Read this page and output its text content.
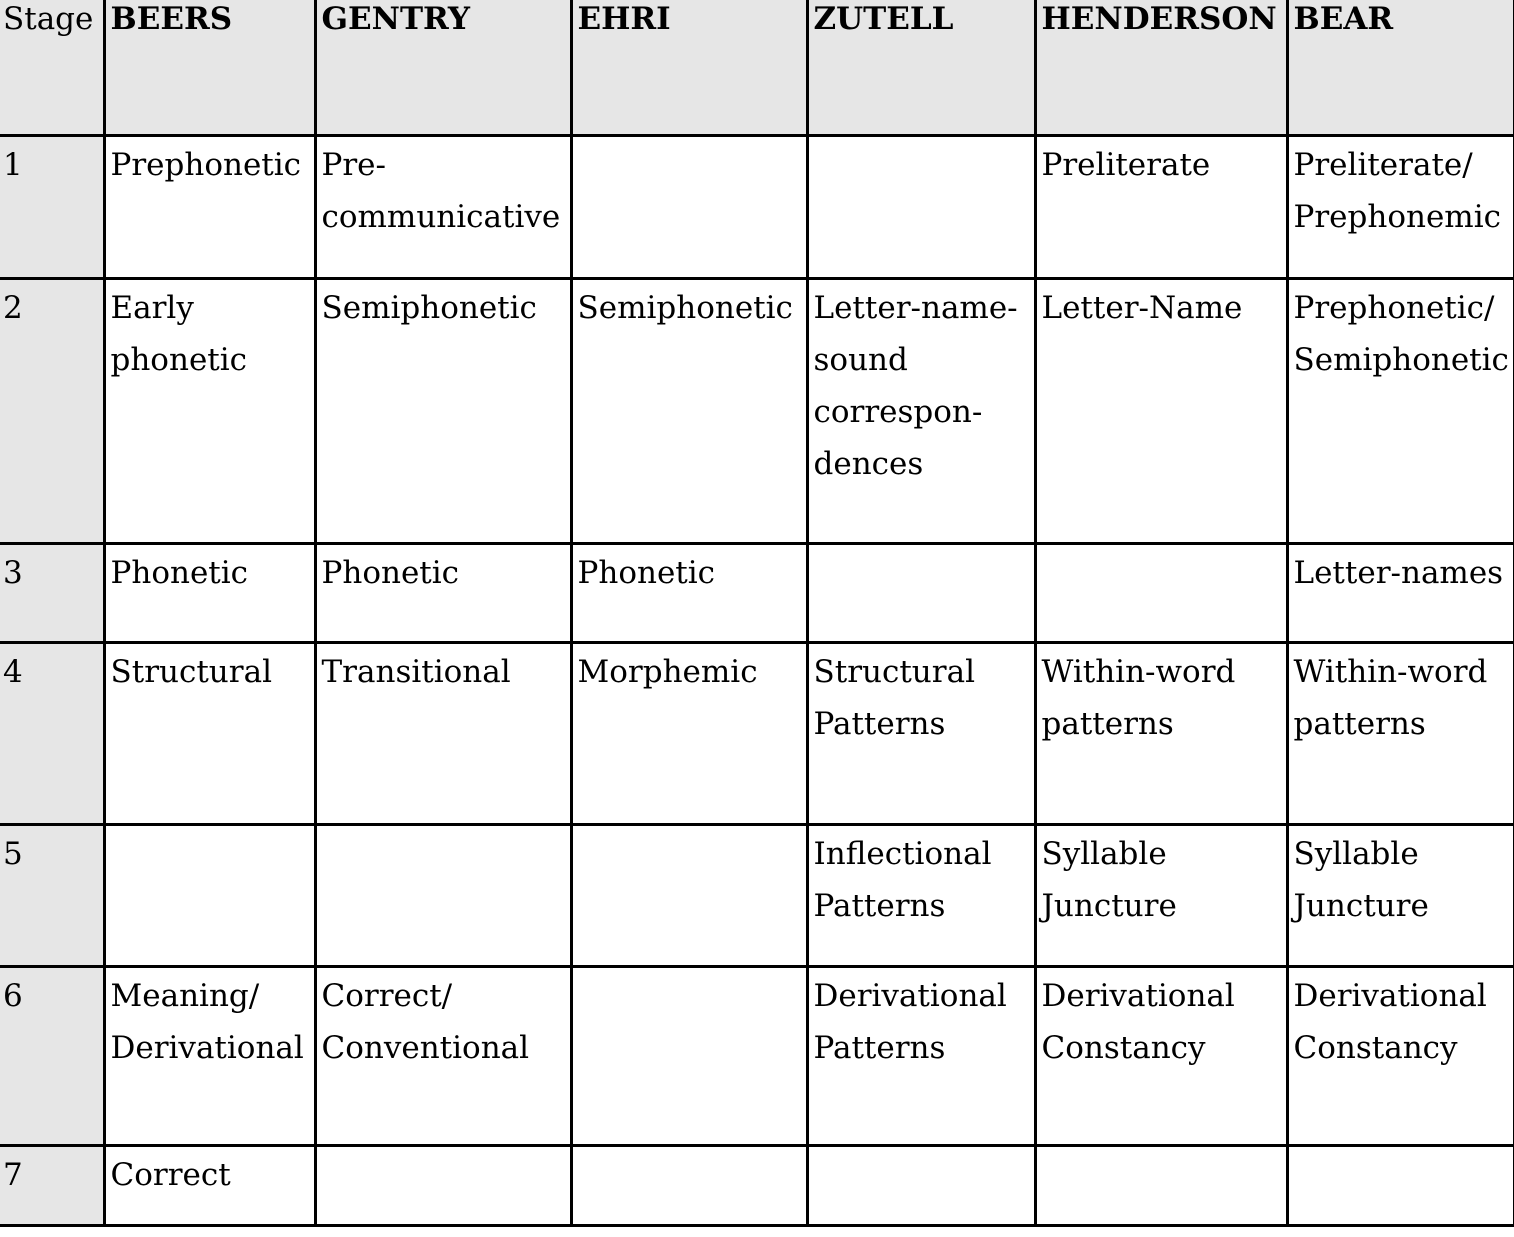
Stage	BEERS	GENTRY	EHRI	ZUTELL	HENDERSON	BEAR
1	Prephonetic	Pre-communicative			Preliterate	Preliterate/ Prephonemic
2	Early phonetic	Semiphonetic	Semiphonetic	Letter-name-sound correspon-dences	Letter-Name	Prephonetic/ Semiphonetic
3	Phonetic	Phonetic	Phonetic			Letter-names
4	Structural	Transitional	Morphemic	Structural Patterns	Within-word patterns	Within-word patterns
5				Inflectional Patterns	Syllable Juncture	Syllable Juncture
6	Meaning/ Derivational	Correct/ Conventional		Derivational Patterns	Derivational Constancy	Derivational Constancy
7	Correct					
